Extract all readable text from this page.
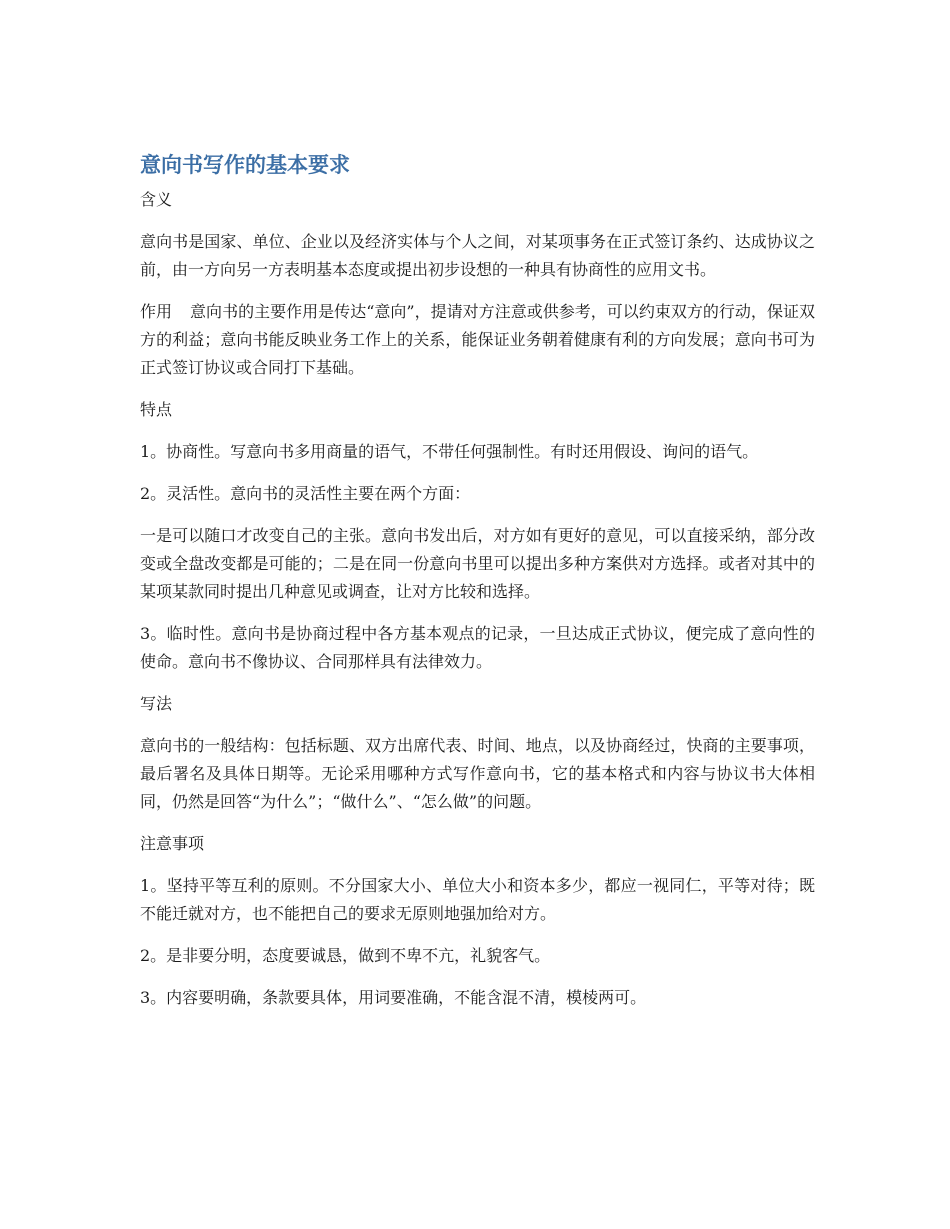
意向书写作的基本要求

含义

意向书是国家、单位、企业以及经济实体与个人之间，对某项事务在正式签订条约、达成协议之前，由一方向另一方表明基本态度或提出初步设想的一种具有协商性的应用文书。

作用 意向书的主要作用是传达“意向”，提请对方注意或供参考，可以约束双方的行动，保证双方的利益；意向书能反映业务工作上的关系，能保证业务朝着健康有利的方向发展；意向书可为正式签订协议或合同打下基础。

特点

1。协商性。写意向书多用商量的语气，不带任何强制性。有时还用假设、询问的语气。

2。灵活性。意向书的灵活性主要在两个方面：

一是可以随口才改变自己的主张。意向书发出后，对方如有更好的意见，可以直接采纳，部分改变或全盘改变都是可能的；二是在同一份意向书里可以提出多种方案供对方选择。或者对其中的某项某款同时提出几种意见或调查，让对方比较和选择。

3。临时性。意向书是协商过程中各方基本观点的记录，一旦达成正式协议，便完成了意向性的使命。意向书不像协议、合同那样具有法律效力。

写法

意向书的一般结构：包括标题、双方出席代表、时间、地点，以及协商经过，快商的主要事项，最后署名及具体日期等。无论采用哪种方式写作意向书，它的基本格式和内容与协议书大体相同，仍然是回答“为什么”；“做什么”、“怎么做”的问题。

注意事项

1。坚持平等互利的原则。不分国家大小、单位大小和资本多少，都应一视同仁，平等对待；既不能迁就对方，也不能把自己的要求无原则地强加给对方。

2。是非要分明，态度要诚恳，做到不卑不亢，礼貌客气。

3。内容要明确，条款要具体，用词要准确，不能含混不清，模棱两可。
